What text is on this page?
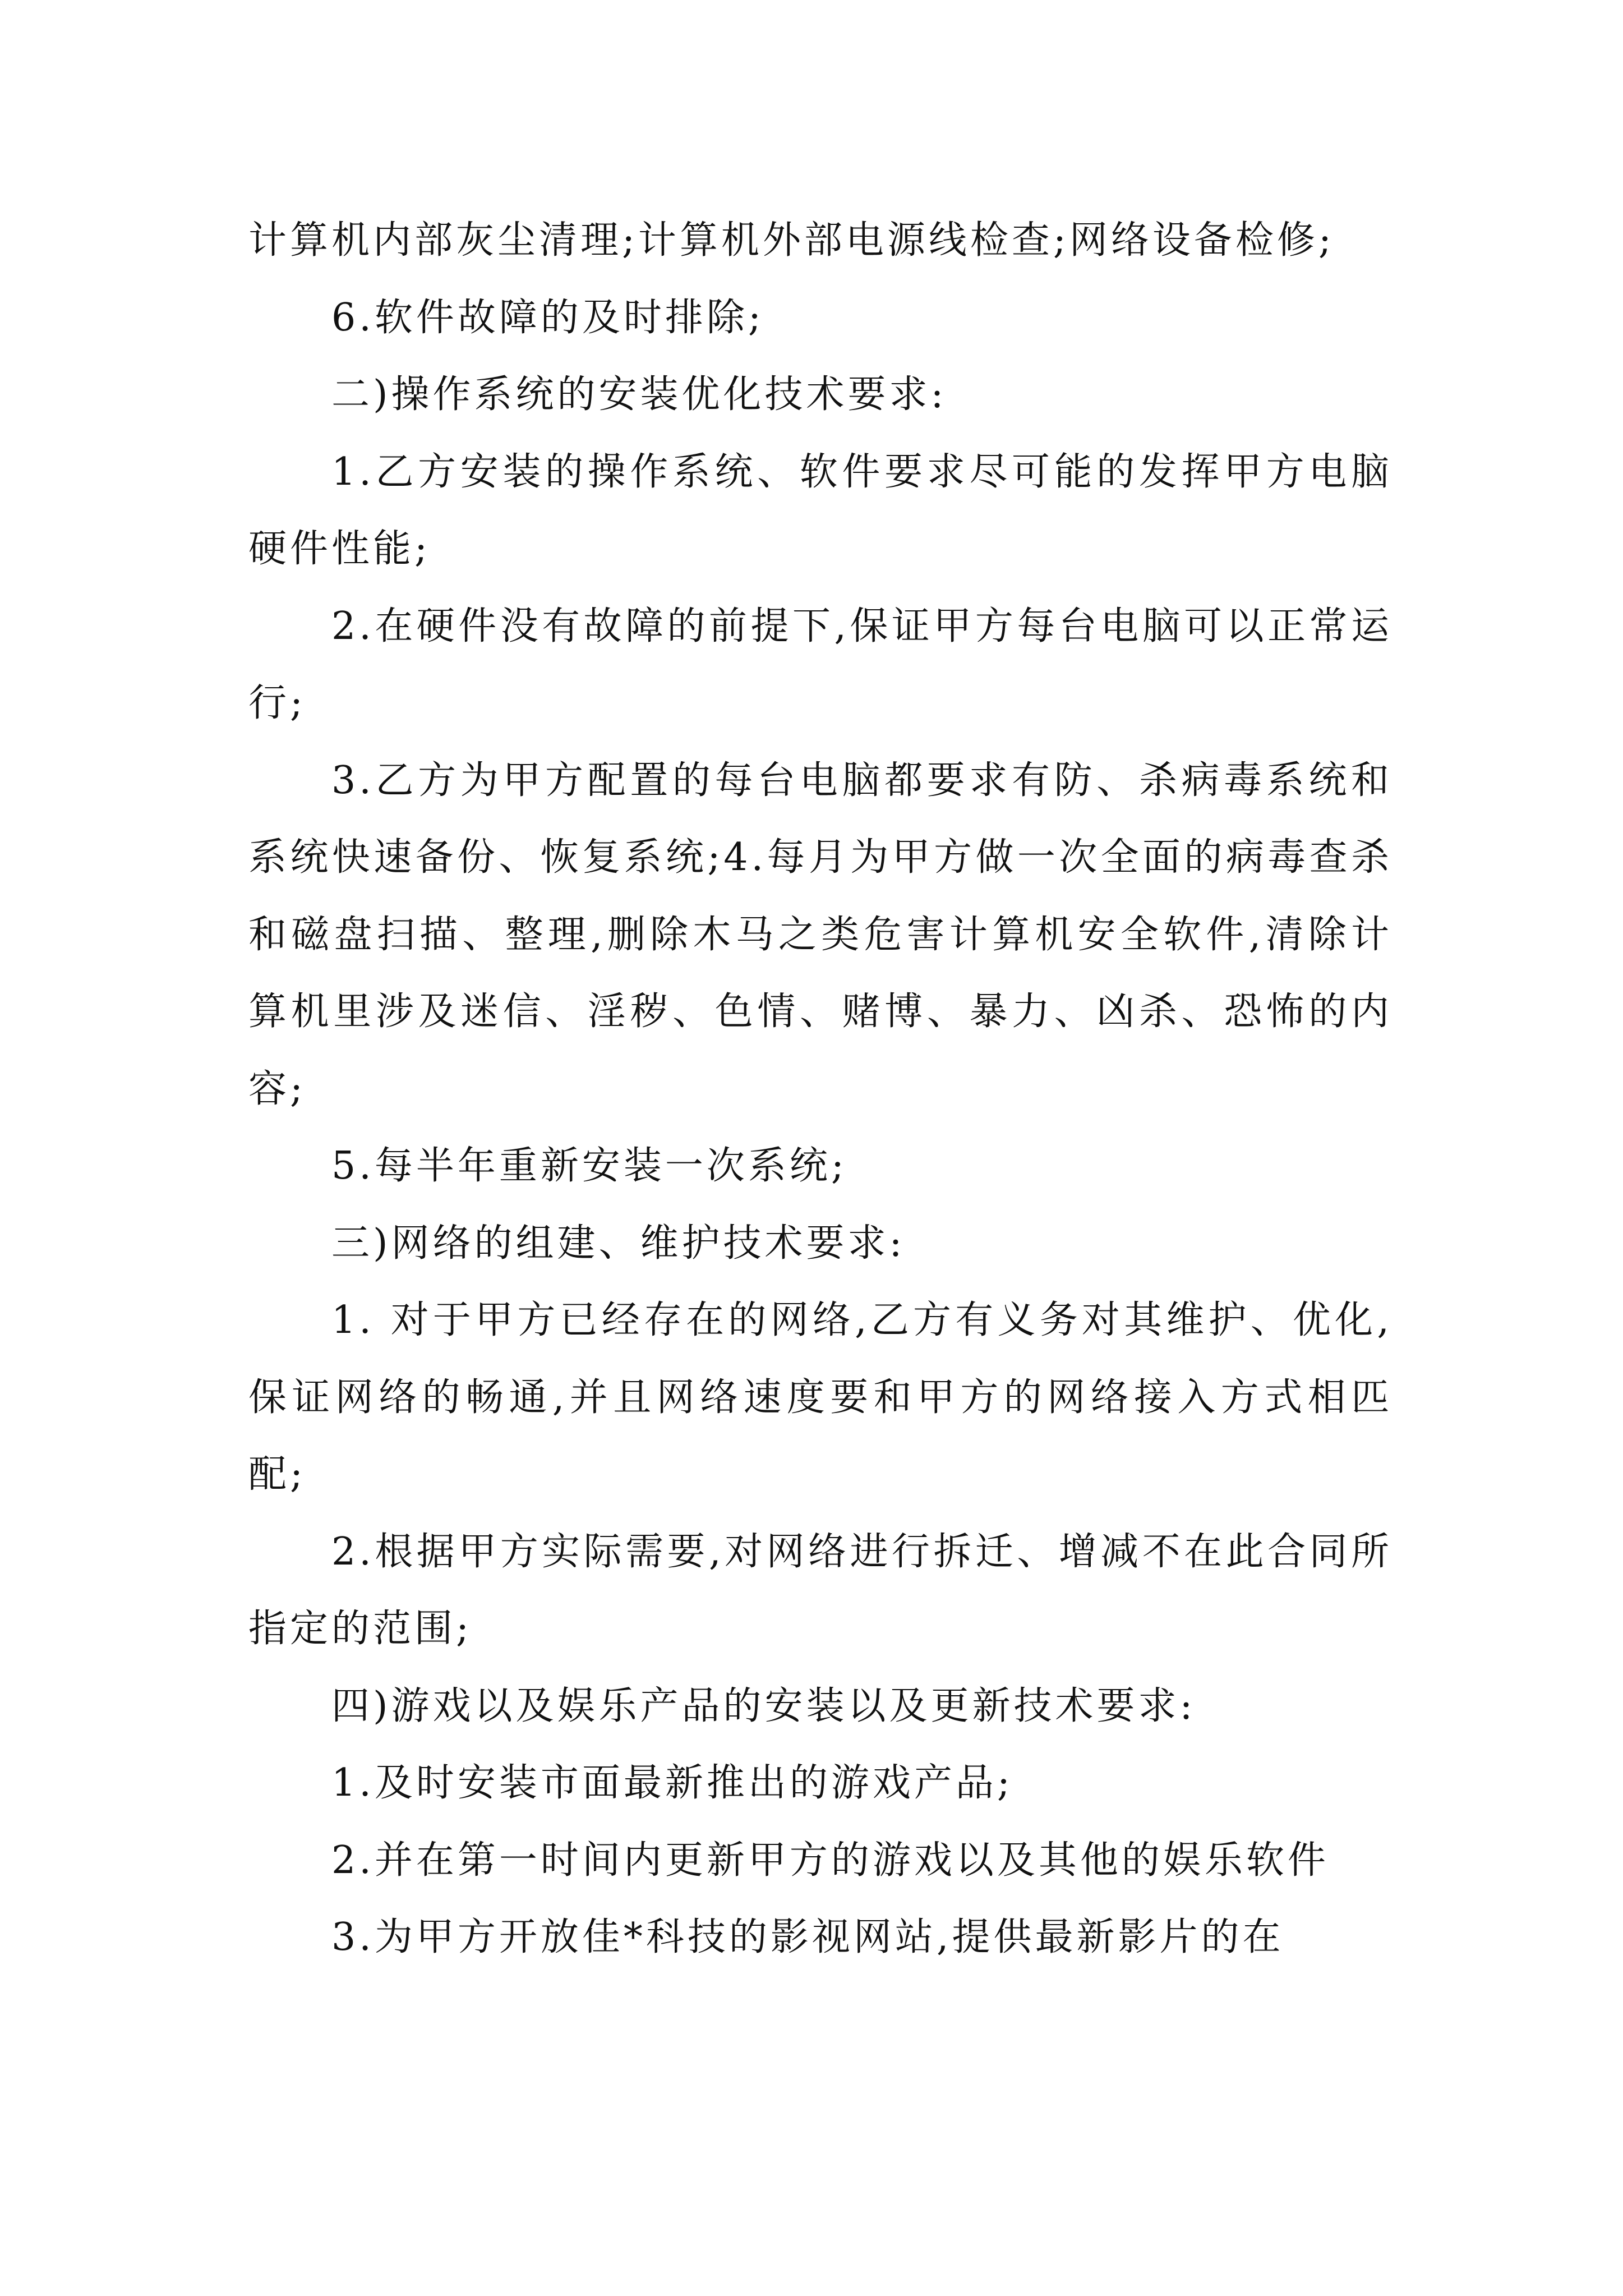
计算机内部灰尘清理;计算机外部电源线检查;网络设备检修;

6.软件故障的及时排除;

二)操作系统的安装优化技术要求:

1.乙方安装的操作系统、软件要求尽可能的发挥甲方电脑硬件性能;

2.在硬件没有故障的前提下,保证甲方每台电脑可以正常运行;

3.乙方为甲方配置的每台电脑都要求有防、杀病毒系统和系统快速备份、恢复系统;4.每月为甲方做一次全面的病毒查杀和磁盘扫描、整理,删除木马之类危害计算机安全软件,清除计算机里涉及迷信、淫秽、色情、赌博、暴力、凶杀、恐怖的内容;

5.每半年重新安装一次系统;

三)网络的组建、维护技术要求:

1. 对于甲方已经存在的网络,乙方有义务对其维护、优化,保证网络的畅通,并且网络速度要和甲方的网络接入方式相匹配;

2.根据甲方实际需要,对网络进行拆迁、增减不在此合同所指定的范围;

四)游戏以及娱乐产品的安装以及更新技术要求:

1.及时安装市面最新推出的游戏产品;

2.并在第一时间内更新甲方的游戏以及其他的娱乐软件

3.为甲方开放佳*科技的影视网站,提供最新影片的在
